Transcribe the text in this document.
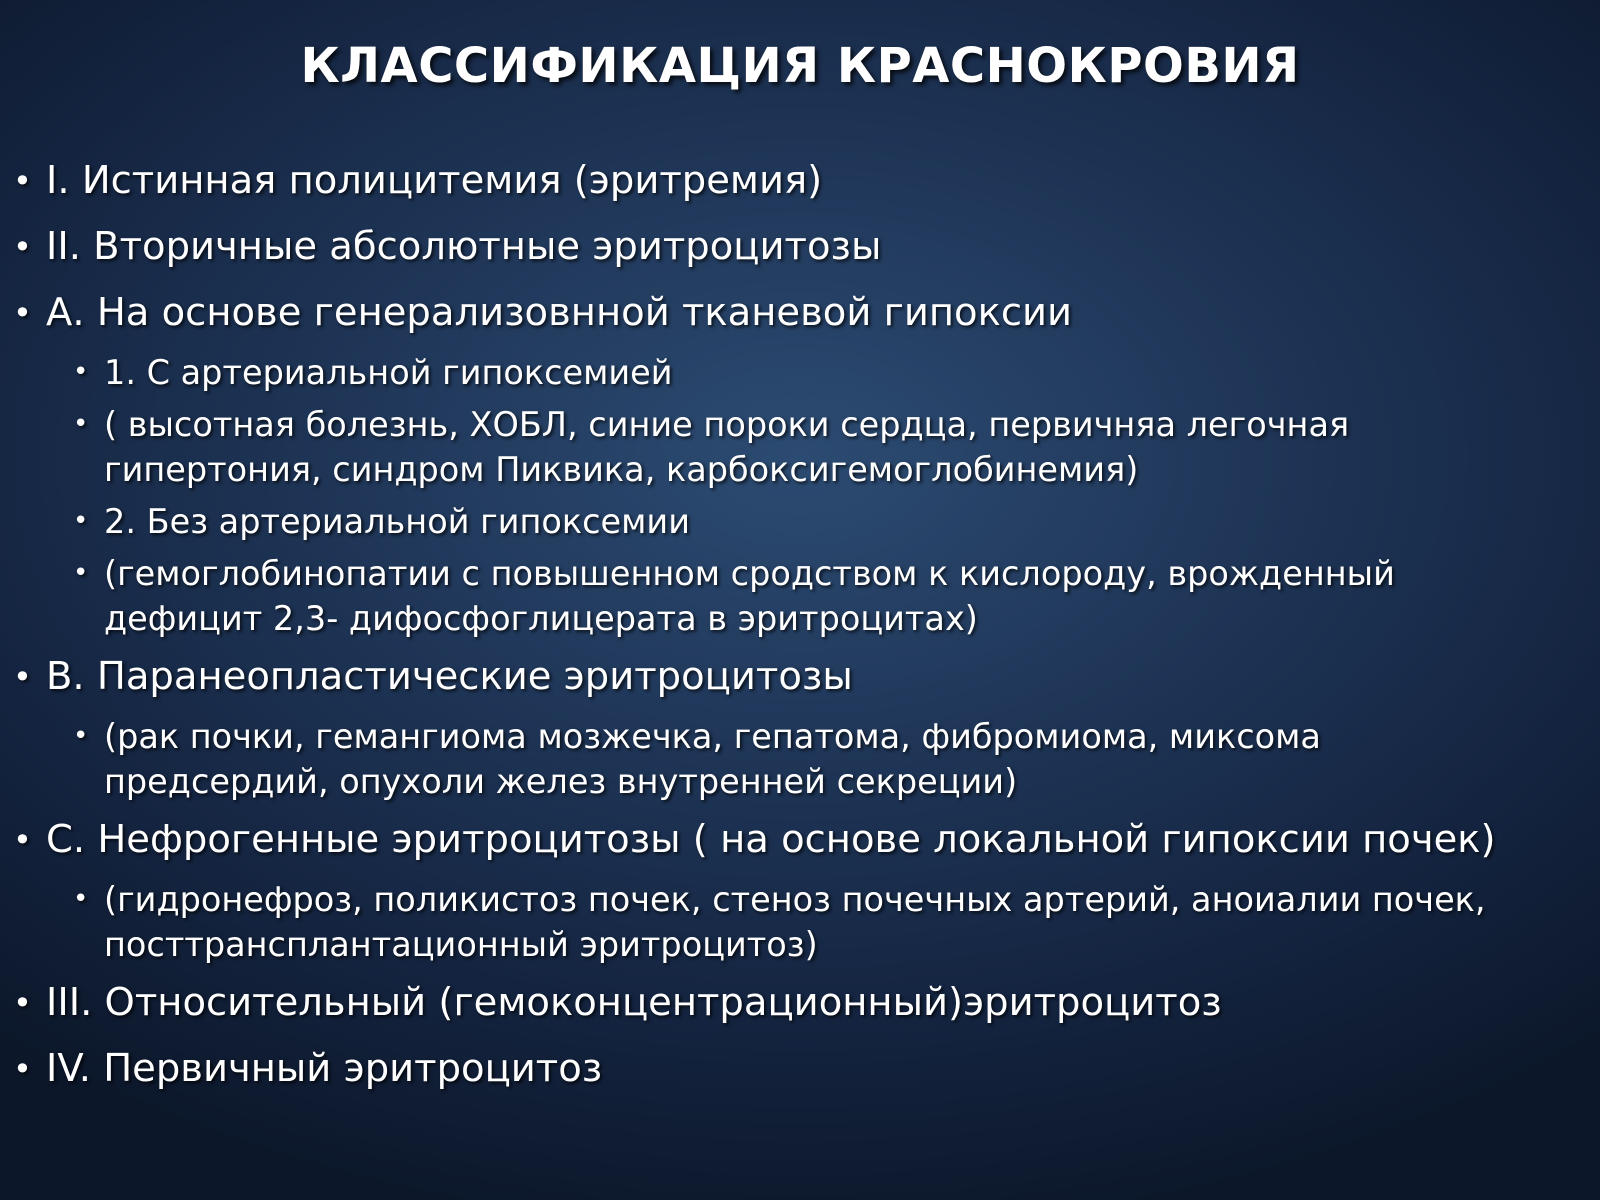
КЛАССИФИКАЦИЯ КРАСНОКРОВИЯ
• I. Истинная полицитемия (эритремия)
• II. Вторичные абсолютные эритроцитозы
• А. На основе генерализовнной тканевой гипоксии
• 1. С артериальной гипоксемией
• ( высотная болезнь, ХОБЛ, синие пороки сердца, первичняа легочная
гипертония, синдром Пиквика, карбоксигемоглобинемия)
• 2. Без артериальной гипоксемии
• (гемоглобинопатии с повышенном сродством к кислороду, врожденный
дефицит 2,3- дифосфоглицерата в эритроцитах)
• В. Паранеопластические эритроцитозы
• (рак почки, гемангиома мозжечка, гепатома, фибромиома, миксома
предсердий, опухоли желез внутренней секреции)
• С. Нефрогенные эритроцитозы ( на основе локальной гипоксии почек)
• (гидронефроз, поликистоз почек, стеноз почечных артерий, аноиалии почек,
посттрансплантационный эритроцитоз)
• III. Относительный (гемоконцентрационный)эритроцитоз
• IV. Первичный эритроцитоз
